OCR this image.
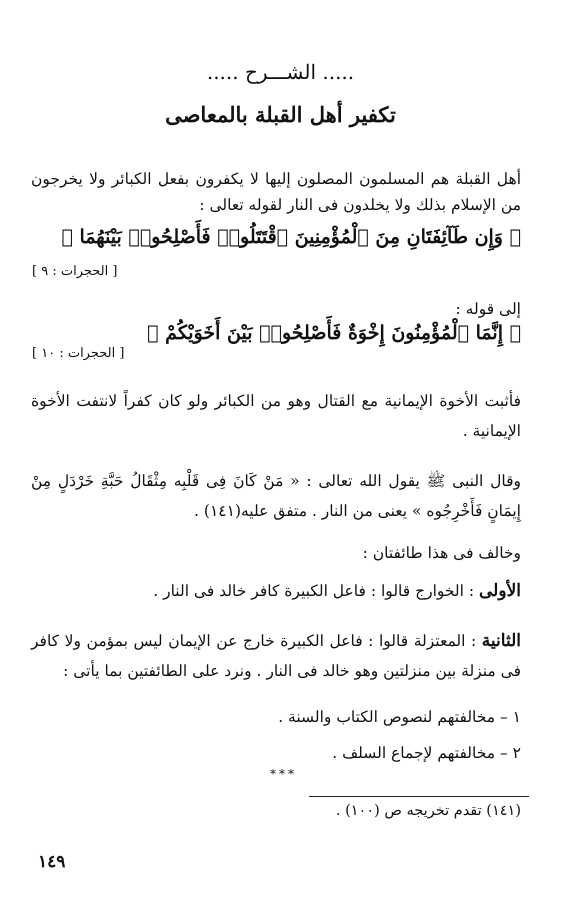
..... الشـــرح .....
تكفير أهل القبلة بالمعاصى
أهل القبلة هم المسلمون المصلون إليها لا يكفرون بفعل الكبائر ولا يخرجون من الإسلام بذلك ولا يخلدون فى النار لقوله تعالى :
﴿ وَإِن طَآئِفَتَانِ مِنَ ٱلْمُؤْمِنِينَ ٱقْتَتَلُوا۟ فَأَصْلِحُوا۟ بَيْنَهُمَا ﴾
[ الحجرات : ٩ ]
إلى قوله :
﴿ إِنَّمَا ٱلْمُؤْمِنُونَ إِخْوَةٌ فَأَصْلِحُوا۟ بَيْنَ أَخَوَيْكُمْ ﴾
[ الحجرات : ١٠ ]
فأثبت الأخوة الإيمانية مع القتال وهو من الكبائر ولو كان كفراً لانتفت الأخوة الإيمانية .
وقال النبى ﷺ يقول الله تعالى : « مَنْ كَانَ فِى قَلْبِه مِثْقَالُ حَبَّةِ خَرْدَلٍ مِنْ إِيمَانٍ فَأَخْرِجُوه » يعنى من النار . متفق عليه(١٤١) .
وخالف فى هذا طائفتان :
الأولى : الخوارج قالوا : فاعل الكبيرة كافر خالد فى النار .
الثانية : المعتزلة قالوا : فاعل الكبيرة خارج عن الإيمان ليس بمؤمن ولا كافر فى منزلة بين منزلتين وهو خالد فى النار . ونرد على الطائفتين بما يأتى :
١ – مخالفتهم لنصوص الكتاب والسنة .
٢ – مخالفتهم لإجماع السلف .
***
(١٤١) تقدم تخريجه ص (١٠٠) .
١٤٩
